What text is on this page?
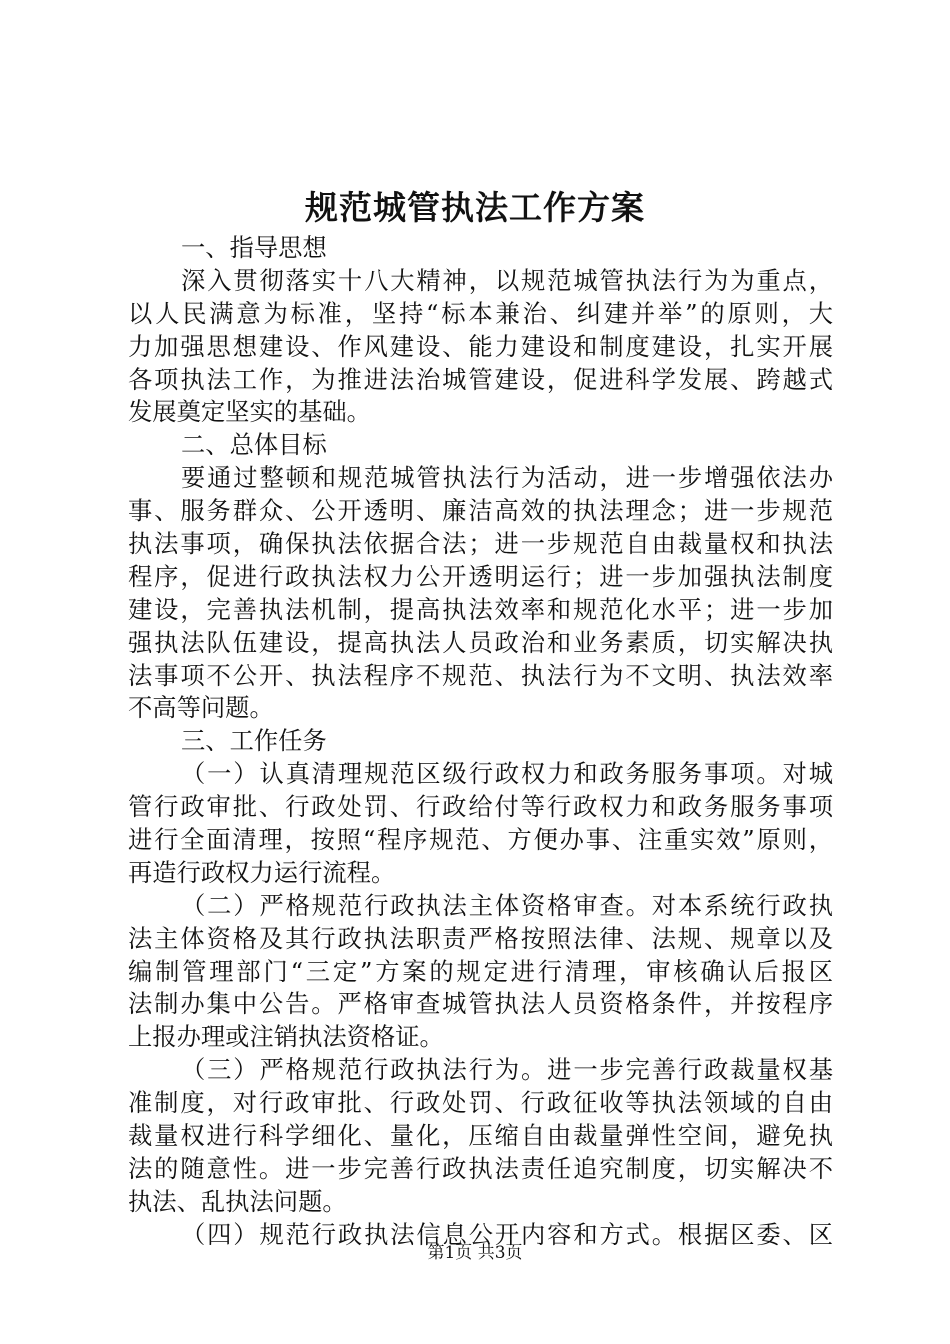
规范城管执法工作方案
一、指导思想
深入贯彻落实十八大精神，以规范城管执法行为为重点，
以人民满意为标准，坚持“标本兼治、纠建并举”的原则，大
力加强思想建设、作风建设、能力建设和制度建设，扎实开展
各项执法工作，为推进法治城管建设，促进科学发展、跨越式
发展奠定坚实的基础。
二、总体目标
要通过整顿和规范城管执法行为活动，进一步增强依法办
事、服务群众、公开透明、廉洁高效的执法理念；进一步规范
执法事项，确保执法依据合法；进一步规范自由裁量权和执法
程序，促进行政执法权力公开透明运行；进一步加强执法制度
建设，完善执法机制，提高执法效率和规范化水平；进一步加
强执法队伍建设，提高执法人员政治和业务素质，切实解决执
法事项不公开、执法程序不规范、执法行为不文明、执法效率
不高等问题。
三、工作任务
（一）认真清理规范区级行政权力和政务服务事项。对城
管行政审批、行政处罚、行政给付等行政权力和政务服务事项
进行全面清理，按照“程序规范、方便办事、注重实效”原则，
再造行政权力运行流程。
（二）严格规范行政执法主体资格审查。对本系统行政执
法主体资格及其行政执法职责严格按照法律、法规、规章以及
编制管理部门“三定”方案的规定进行清理，审核确认后报区
法制办集中公告。严格审查城管执法人员资格条件，并按程序
上报办理或注销执法资格证。
（三）严格规范行政执法行为。进一步完善行政裁量权基
准制度，对行政审批、行政处罚、行政征收等执法领域的自由
裁量权进行科学细化、量化，压缩自由裁量弹性空间，避免执
法的随意性。进一步完善行政执法责任追究制度，切实解决不
执法、乱执法问题。
（四）规范行政执法信息公开内容和方式。根据区委、区
第1页 共3页
